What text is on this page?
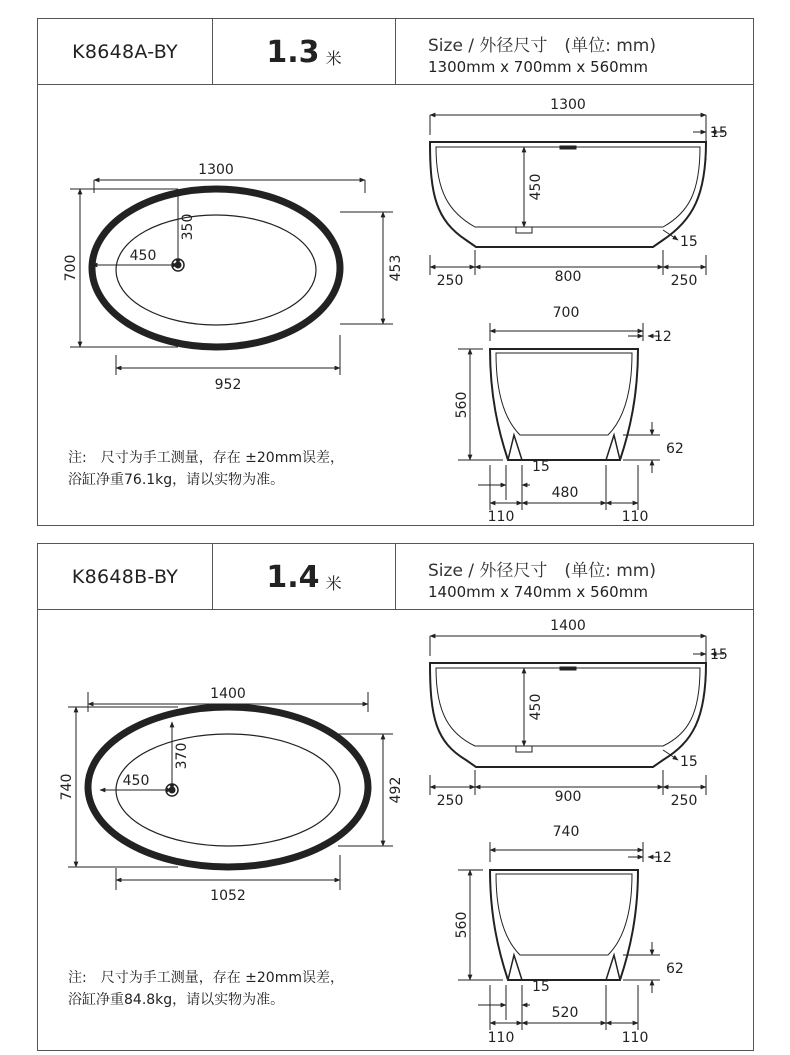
K8648A-BY	1.3 米
Size / 外径尺寸　(单位: mm)
1300mm x 700mm x 560mm
1300
700	450
350
453
952
1300
15
450
15
250	800	250
700
12
560
62
15
110
480
110
注:　尺寸为手工测量，存在 ±20mm误差，
浴缸净重76.1kg，请以实物为准。
K8648B-BY	1.4 米
Size / 外径尺寸　(单位: mm)
1400mm x 740mm x 560mm
1400
740	450
370
492
1052
1400
15
450
15
250	900	250
740
12
560
62
15
110
520
110
注:　尺寸为手工测量，存在 ±20mm误差，
浴缸净重84.8kg，请以实物为准。
